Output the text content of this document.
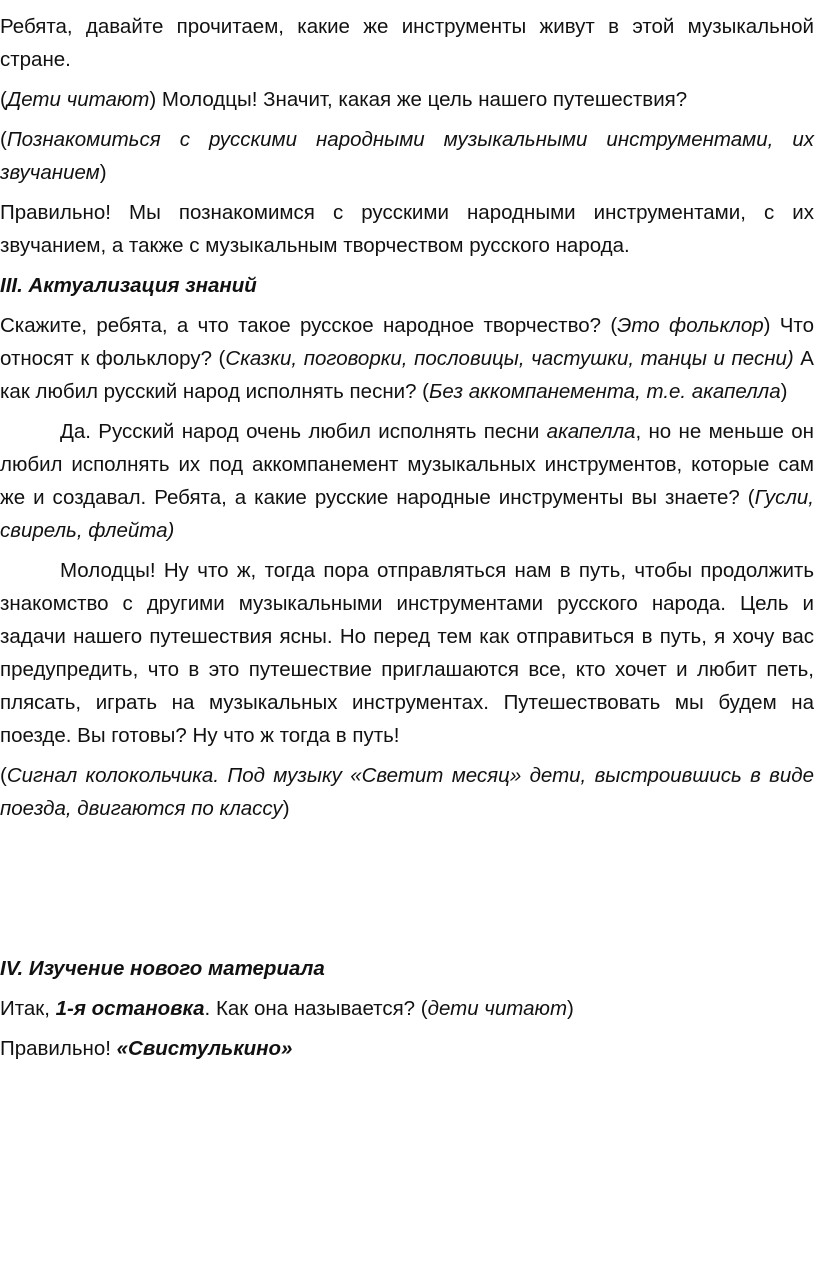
Ребята, давайте прочитаем, какие же инструменты живут в этой музыкальной стране.

(Дети читают) Молодцы! Значит, какая же цель нашего путешествия?

(Познакомиться с русскими народными музыкальными инструментами, их звучанием)

Правильно! Мы познакомимся с русскими народными инструментами, с их звучанием, а также с музыкальным творчеством русского народа.

III. Актуализация знаний

Скажите, ребята, а что такое русское народное творчество? (Это фольклор) Что относят к фольклору? (Сказки, поговорки, пословицы, частушки, танцы и песни) А как любил русский народ исполнять песни? (Без аккомпанемента, т.е. акапелла)

Да. Русский народ очень любил исполнять песни акапелла, но не меньше он любил исполнять их под аккомпанемент музыкальных инструментов, которые сам же и создавал. Ребята, а какие русские народные инструменты вы знаете? (Гусли, свирель, флейта)

Молодцы! Ну что ж, тогда пора отправляться нам в путь, чтобы продолжить знакомство с другими музыкальными инструментами русского народа. Цель и задачи нашего путешествия ясны. Но перед тем как отправиться в путь, я хочу вас предупредить, что в это путешествие приглашаются все, кто хочет и любит петь, плясать, играть на музыкальных инструментах. Путешествовать мы будем на поезде. Вы готовы? Ну что ж тогда в путь!

(Сигнал колокольчика. Под музыку «Светит месяц» дети, выстроившись в виде поезда, двигаются по классу)

IV. Изучение нового материала

Итак, 1-я остановка. Как она называется? (дети читают)

Правильно! «Свистулькино»
